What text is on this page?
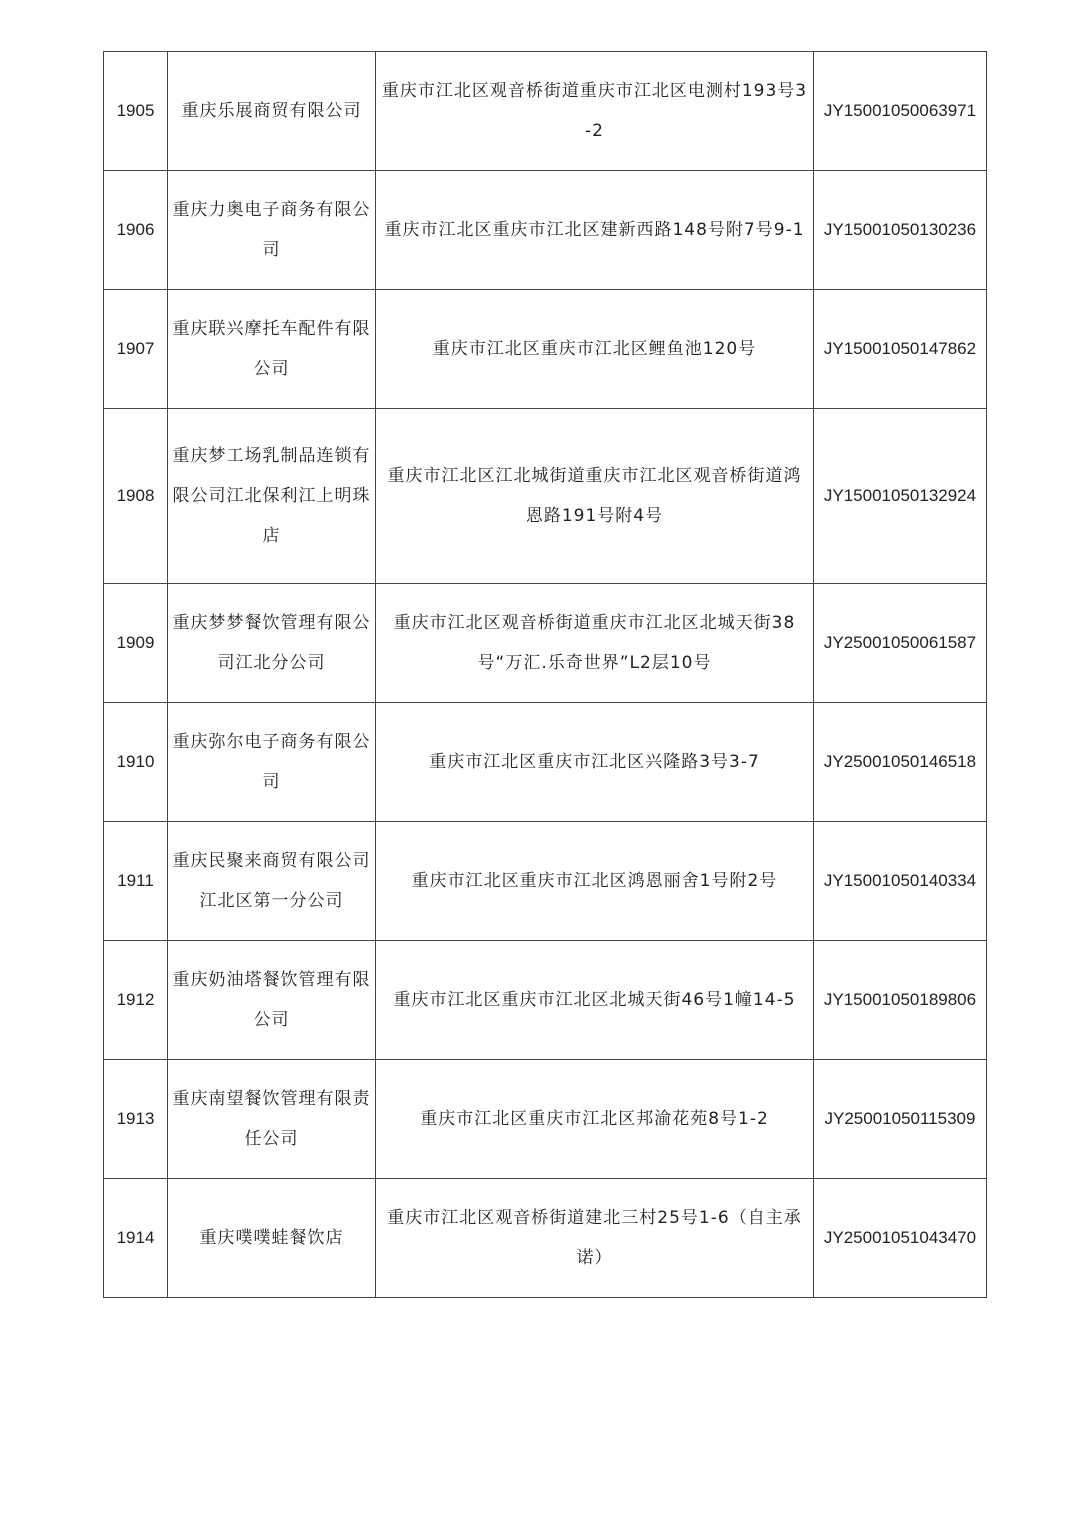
1905	重庆乐展商贸有限公司	重庆市江北区观音桥街道重庆市江北区电测村193号3-2	JY15001050063971
1906	重庆力奥电子商务有限公司	重庆市江北区重庆市江北区建新西路148号附7号9-1	JY15001050130236
1907	重庆联兴摩托车配件有限公司	重庆市江北区重庆市江北区鲤鱼池120号	JY15001050147862
1908	重庆梦工场乳制品连锁有限公司江北保利江上明珠店	重庆市江北区江北城街道重庆市江北区观音桥街道鸿恩路191号附4号	JY15001050132924
1909	重庆梦梦餐饮管理有限公司江北分公司	重庆市江北区观音桥街道重庆市江北区北城天街38号“万汇.乐奇世界”L2层10号	JY25001050061587
1910	重庆弥尔电子商务有限公司	重庆市江北区重庆市江北区兴隆路3号3-7	JY25001050146518
1911	重庆民聚来商贸有限公司江北区第一分公司	重庆市江北区重庆市江北区鸿恩丽舍1号附2号	JY15001050140334
1912	重庆奶油塔餐饮管理有限公司	重庆市江北区重庆市江北区北城天街46号1幢14-5	JY15001050189806
1913	重庆南望餐饮管理有限责任公司	重庆市江北区重庆市江北区邦渝花苑8号1-2	JY25001050115309
1914	重庆噗噗蛙餐饮店	重庆市江北区观音桥街道建北三村25号1-6（自主承诺）	JY25001051043470
